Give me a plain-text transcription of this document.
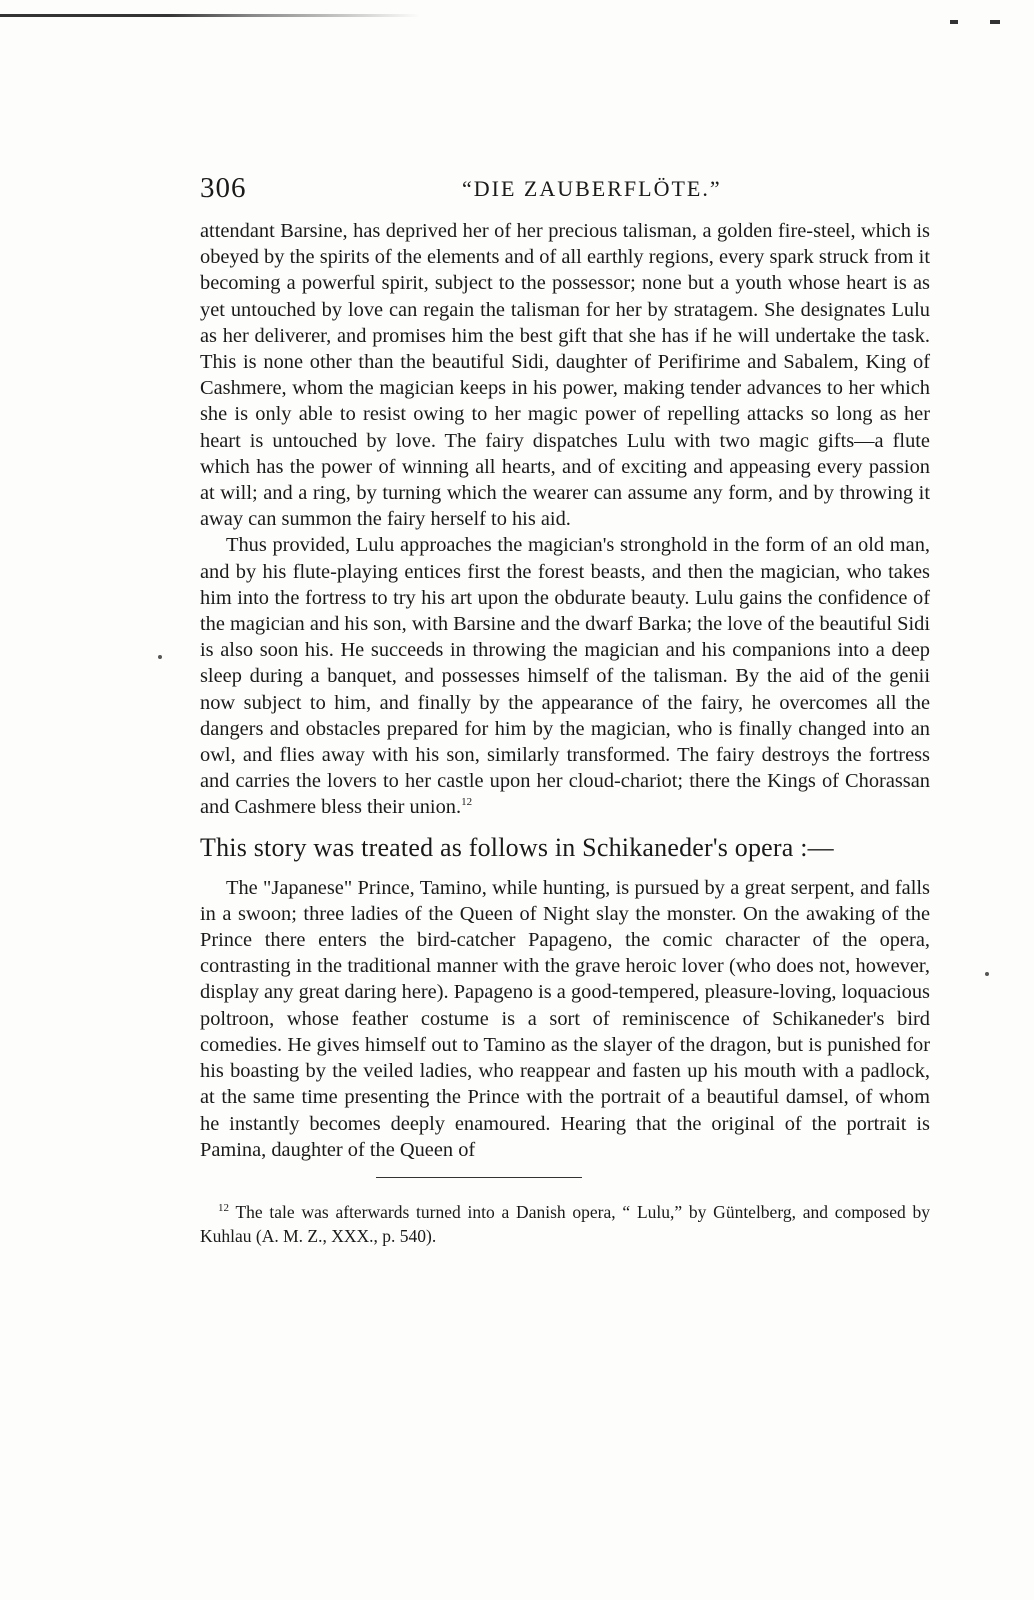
306	“DIE ZAUBERFLÖTE.”

attendant Barsine, has deprived her of her precious talisman, a golden fire-steel, which is obeyed by the spirits of the elements and of all earthly regions, every spark struck from it becoming a powerful spirit, subject to the possessor; none but a youth whose heart is as yet untouched by love can regain the talisman for her by stratagem. She designates Lulu as her deliverer, and promises him the best gift that she has if he will undertake the task. This is none other than the beautiful Sidi, daughter of Perifirime and Sabalem, King of Cashmere, whom the magician keeps in his power, making tender advances to her which she is only able to resist owing to her magic power of repelling attacks so long as her heart is untouched by love. The fairy dispatches Lulu with two magic gifts—a flute which has the power of winning all hearts, and of exciting and appeasing every passion at will; and a ring, by turning which the wearer can assume any form, and by throwing it away can summon the fairy herself to his aid.

Thus provided, Lulu approaches the magician's stronghold in the form of an old man, and by his flute-playing entices first the forest beasts, and then the magician, who takes him into the fortress to try his art upon the obdurate beauty. Lulu gains the confidence of the magician and his son, with Barsine and the dwarf Barka; the love of the beautiful Sidi is also soon his. He succeeds in throwing the magician and his companions into a deep sleep during a banquet, and possesses himself of the talisman. By the aid of the genii now subject to him, and finally by the appearance of the fairy, he overcomes all the dangers and obstacles prepared for him by the magician, who is finally changed into an owl, and flies away with his son, similarly transformed. The fairy destroys the fortress and carries the lovers to her castle upon her cloud-chariot; there the Kings of Chorassan and Cashmere bless their union.$^{12}$

This story was treated as follows in Schikaneder's opera :—

The "Japanese" Prince, Tamino, while hunting, is pursued by a great serpent, and falls in a swoon; three ladies of the Queen of Night slay the monster. On the awaking of the Prince there enters the bird-catcher Papageno, the comic character of the opera, contrasting in the traditional manner with the grave heroic lover (who does not, however, display any great daring here). Papageno is a good-tempered, pleasure-loving, loquacious poltroon, whose feather costume is a sort of reminiscence of Schikaneder's bird comedies. He gives himself out to Tamino as the slayer of the dragon, but is punished for his boasting by the veiled ladies, who reappear and fasten up his mouth with a padlock, at the same time presenting the Prince with the portrait of a beautiful damsel, of whom he instantly becomes deeply enamoured. Hearing that the original of the portrait is Pamina, daughter of the Queen of

$^{12}$ The tale was afterwards turned into a Danish opera, “ Lulu,” by Güntelberg, and composed by Kuhlau (A. M. Z., XXX., p. 540).
